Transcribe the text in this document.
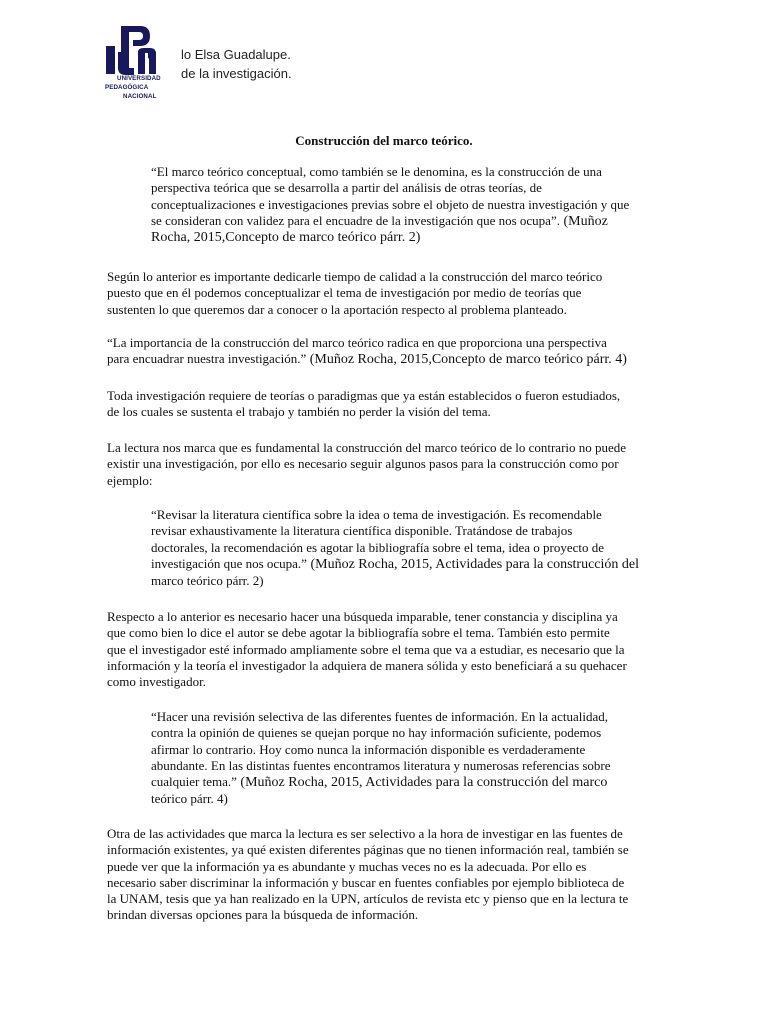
UNIVERSIDAD
PEDAGÓGICA
NACIONAL
lo Elsa Guadalupe.
de la investigación.
Construcción del marco teórico.
“El marco teórico conceptual, como también se le denomina, es la construcción de una
perspectiva teórica que se desarrolla a partir del análisis de otras teorías, de
conceptualizaciones e investigaciones previas sobre el objeto de nuestra investigación y que
se consideran con validez para el encuadre de la investigación que nos ocupa”. (Muñoz
Rocha, 2015,Concepto de marco teórico párr. 2)
Según lo anterior es importante dedicarle tiempo de calidad a la construcción del marco teórico
puesto que en él podemos conceptualizar el tema de investigación por medio de teorías que
sustenten lo que queremos dar a conocer o la aportación respecto al problema planteado.
“La importancia de la construcción del marco teórico radica en que proporciona una perspectiva
para encuadrar nuestra investigación.” (Muñoz Rocha, 2015,Concepto de marco teórico párr. 4)
Toda investigación requiere de teorías o paradigmas que ya están establecidos o fueron estudiados,
de los cuales se sustenta el trabajo y también no perder la visión del tema.
La lectura nos marca que es fundamental la construcción del marco teórico de lo contrario no puede
existir una investigación, por ello es necesario seguir algunos pasos para la construcción como por
ejemplo:
“Revisar la literatura científica sobre la idea o tema de investigación. Es recomendable
revisar exhaustivamente la literatura científica disponible. Tratándose de trabajos
doctorales, la recomendación es agotar la bibliografía sobre el tema, idea o proyecto de
investigación que nos ocupa.” (Muñoz Rocha, 2015, Actividades para la construcción del
marco teórico párr. 2)
Respecto a lo anterior es necesario hacer una búsqueda imparable, tener constancia y disciplina ya
que como bien lo dice el autor se debe agotar la bibliografía sobre el tema. También esto permite
que el investigador esté informado ampliamente sobre el tema que va a estudiar, es necesario que la
información y la teoría el investigador la adquiera de manera sólida y esto beneficiará a su quehacer
como investigador.
“Hacer una revisión selectiva de las diferentes fuentes de información. En la actualidad,
contra la opinión de quienes se quejan porque no hay información suficiente, podemos
afirmar lo contrario. Hoy como nunca la información disponible es verdaderamente
abundante. En las distintas fuentes encontramos literatura y numerosas referencias sobre
cualquier tema.” (Muñoz Rocha, 2015, Actividades para la construcción del marco
teórico párr. 4)
Otra de las actividades que marca la lectura es ser selectivo a la hora de investigar en las fuentes de
información existentes, ya qué existen diferentes páginas que no tienen información real, también se
puede ver que la información ya es abundante y muchas veces no es la adecuada. Por ello es
necesario saber discriminar la información y buscar en fuentes confiables por ejemplo biblioteca de
la UNAM, tesis que ya han realizado en la UPN, artículos de revista etc y pienso que en la lectura te
brindan diversas opciones para la búsqueda de información.
